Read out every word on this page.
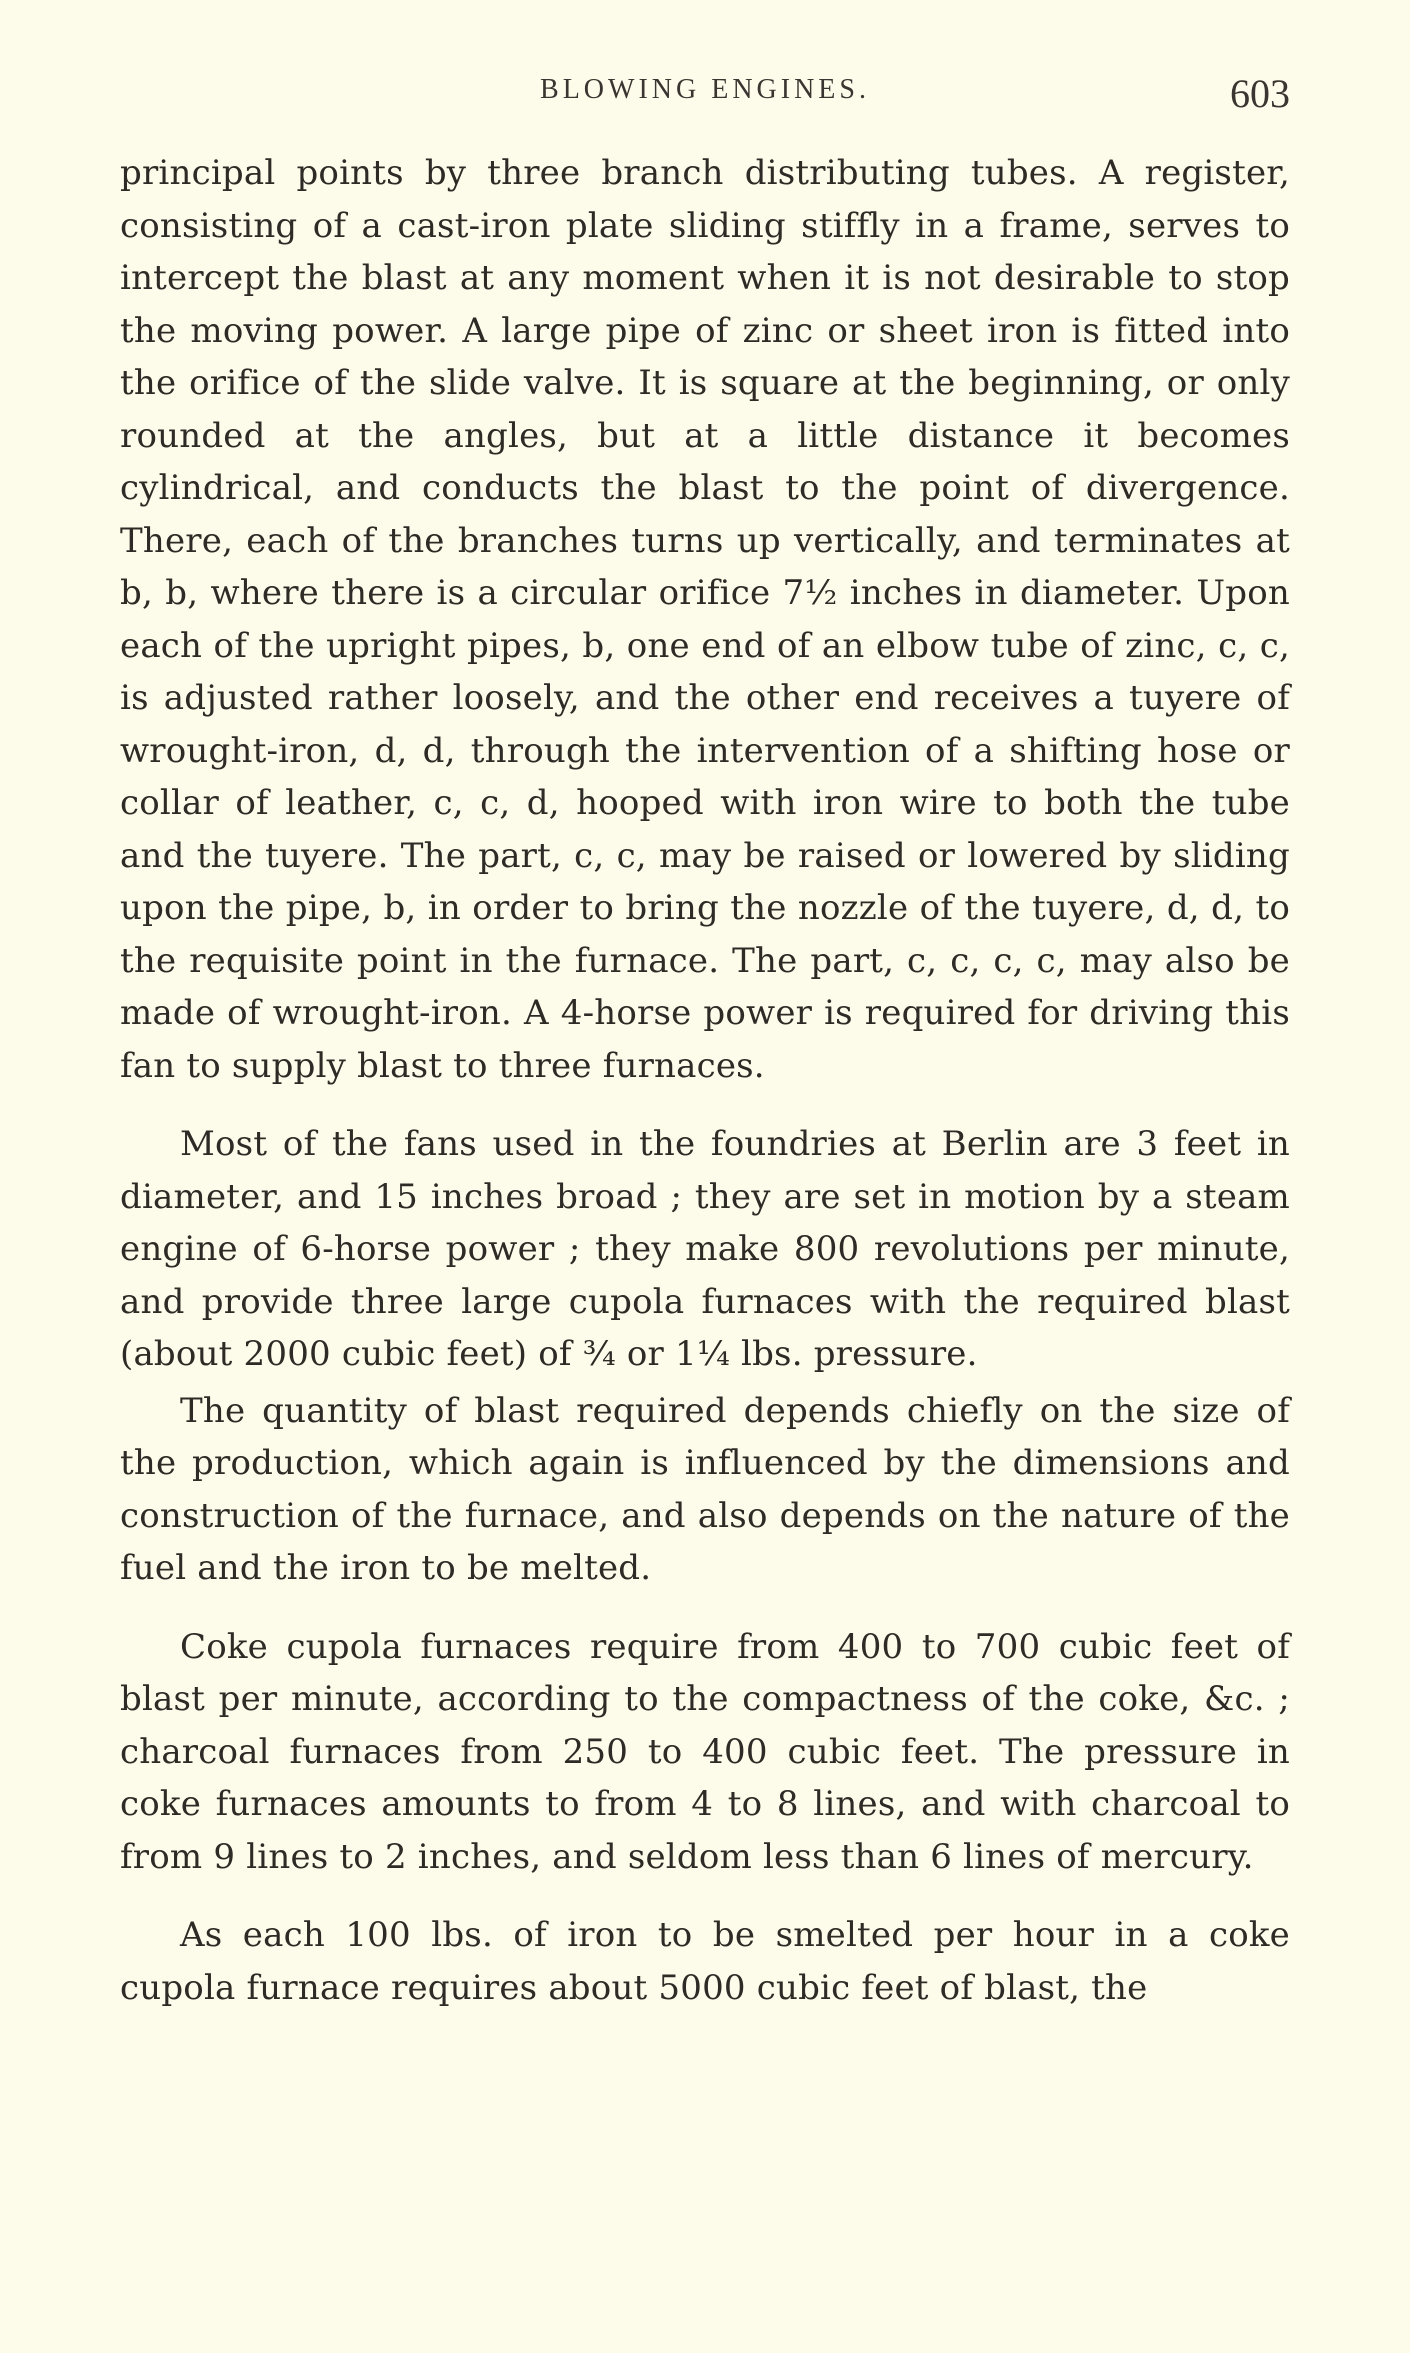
BLOWING ENGINES.	603

principal points by three branch distributing tubes. A register, consisting of a cast-iron plate sliding stiffly in a frame, serves to intercept the blast at any moment when it is not desirable to stop the moving power. A large pipe of zinc or sheet iron is fitted into the orifice of the slide valve. It is square at the beginning, or only rounded at the angles, but at a little distance it becomes cylindrical, and conducts the blast to the point of divergence. There, each of the branches turns up vertically, and terminates at b, b, where there is a circular orifice 7½ inches in diameter. Upon each of the upright pipes, b, one end of an elbow tube of zinc, c, c, is adjusted rather loosely, and the other end receives a tuyere of wrought-iron, d, d, through the intervention of a shifting hose or collar of leather, c, c, d, hooped with iron wire to both the tube and the tuyere. The part, c, c, may be raised or lowered by sliding upon the pipe, b, in order to bring the nozzle of the tuyere, d, d, to the requisite point in the furnace. The part, c, c, c, c, may also be made of wrought-iron. A 4-horse power is required for driving this fan to supply blast to three furnaces.

Most of the fans used in the foundries at Berlin are 3 feet in diameter, and 15 inches broad ; they are set in motion by a steam engine of 6-horse power ; they make 800 revolutions per minute, and provide three large cupola furnaces with the required blast (about 2000 cubic feet) of ¾ or 1¼ lbs. pressure.

The quantity of blast required depends chiefly on the size of the production, which again is influenced by the dimensions and construction of the furnace, and also depends on the nature of the fuel and the iron to be melted.

Coke cupola furnaces require from 400 to 700 cubic feet of blast per minute, according to the compactness of the coke, &c. ; charcoal furnaces from 250 to 400 cubic feet. The pressure in coke furnaces amounts to from 4 to 8 lines, and with charcoal to from 9 lines to 2 inches, and seldom less than 6 lines of mercury.

As each 100 lbs. of iron to be smelted per hour in a coke cupola furnace requires about 5000 cubic feet of blast, the
